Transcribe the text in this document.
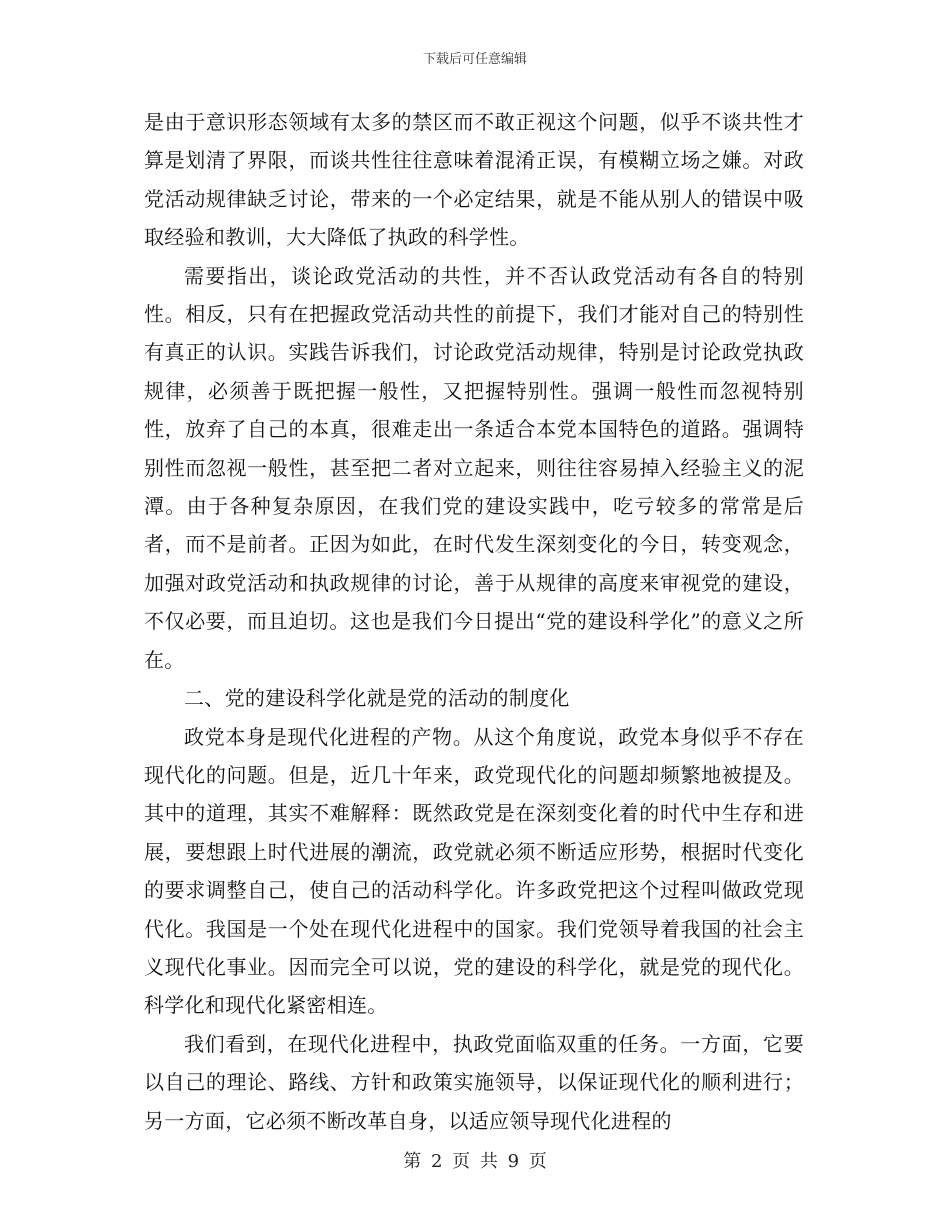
下载后可任意编辑

是由于意识形态领域有太多的禁区而不敢正视这个问题，似乎不谈共性才算是划清了界限，而谈共性往往意味着混淆正误，有模糊立场之嫌。对政党活动规律缺乏讨论，带来的一个必定结果，就是不能从别人的错误中吸取经验和教训，大大降低了执政的科学性。

需要指出，谈论政党活动的共性，并不否认政党活动有各自的特别性。相反，只有在把握政党活动共性的前提下，我们才能对自己的特别性有真正的认识。实践告诉我们，讨论政党活动规律，特别是讨论政党执政规律，必须善于既把握一般性，又把握特别性。强调一般性而忽视特别性，放弃了自己的本真，很难走出一条适合本党本国特色的道路。强调特别性而忽视一般性，甚至把二者对立起来，则往往容易掉入经验主义的泥潭。由于各种复杂原因，在我们党的建设实践中，吃亏较多的常常是后者，而不是前者。正因为如此，在时代发生深刻变化的今日，转变观念，加强对政党活动和执政规律的讨论，善于从规律的高度来审视党的建设，不仅必要，而且迫切。这也是我们今日提出“党的建设科学化”的意义之所在。

二、党的建设科学化就是党的活动的制度化

政党本身是现代化进程的产物。从这个角度说，政党本身似乎不存在现代化的问题。但是，近几十年来，政党现代化的问题却频繁地被提及。其中的道理，其实不难解释：既然政党是在深刻变化着的时代中生存和进展，要想跟上时代进展的潮流，政党就必须不断适应形势，根据时代变化的要求调整自己，使自己的活动科学化。许多政党把这个过程叫做政党现代化。我国是一个处在现代化进程中的国家。我们党领导着我国的社会主义现代化事业。因而完全可以说，党的建设的科学化，就是党的现代化。科学化和现代化紧密相连。

我们看到，在现代化进程中，执政党面临双重的任务。一方面，它要以自己的理论、路线、方针和政策实施领导，以保证现代化的顺利进行；另一方面，它必须不断改革自身，以适应领导现代化进程的

第 2 页 共 9 页
